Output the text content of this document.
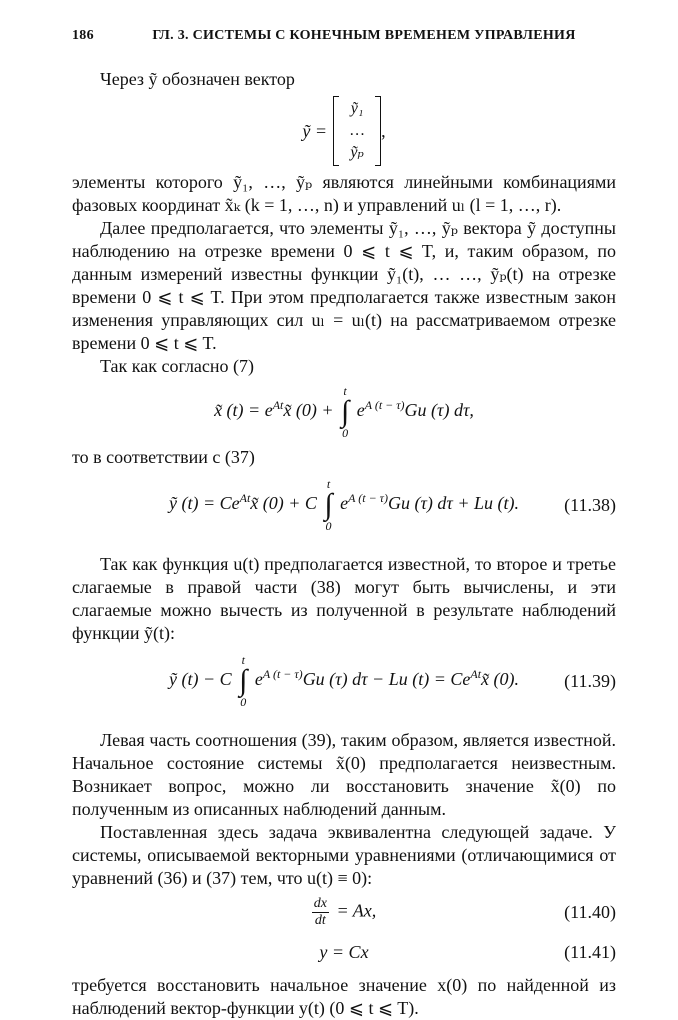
186	ГЛ. 3. СИСТЕМЫ С КОНЕЧНЫМ ВРЕМЕНЕМ УПРАВЛЕНИЯ

Через ỹ обозначен вектор

ỹ =
ỹ₁
…
ỹₚ
,

элементы которого ỹ₁, …, ỹₚ являются линейными комбинациями фазовых координат x̃ₖ (k = 1, …, n) и управлений uₗ (l = 1, …, r).

Далее предполагается, что элементы ỹ₁, …, ỹₚ вектора ỹ доступны наблюдению на отрезке времени 0 ⩽ t ⩽ T, и, таким образом, по данным измерений известны функции ỹ₁(t), … …, ỹₚ(t) на отрезке времени 0 ⩽ t ⩽ T. При этом предполагается также известным закон изменения управляющих сил uₗ = uₗ(t) на рассматриваемом отрезке времени 0 ⩽ t ⩽ T.

Так как согласно (7)

x̃ $(t) = e^{At}x̃$ (0) +
t
∫
0
$e^{A (t - \tau)}Gu$ (τ) dτ,

то в соответствии с (37)

ỹ $(t) = Ce^{At}x̃$ (0) + C
t
∫
0
$e^{A (t - \tau)}Gu$ (τ) dτ + Lu (t).	(11.38)

Так как функция u(t) предполагается известной, то второе и третье слагаемые в правой части (38) могут быть вычислены, и эти слагаемые можно вычесть из полученной в результате наблюдений функции ỹ(t):

ỹ (t) − C
t
∫
0
$e^{A (t - \tau)}Gu$ (τ) dτ − Lu $(t) = Ce^{At}x̃$ (0).	(11.39)

Левая часть соотношения (39), таким образом, является известной. Начальное состояние системы x̃(0) предполагается неизвестным. Возникает вопрос, можно ли восстановить значение x̃(0) по полученным из описанных наблюдений данным.

Поставленная здесь задача эквивалентна следующей задаче. У системы, описываемой векторными уравнениями (отличающимися от уравнений (36) и (37) тем, что u(t) ≡ 0):

$\frac{dx}{dt} = Ax$,	(11.40)
y = Cx	(11.41)

требуется восстановить начальное значение x(0) по найденной из наблюдений вектор-функции y(t) (0 ⩽ t ⩽ T).
